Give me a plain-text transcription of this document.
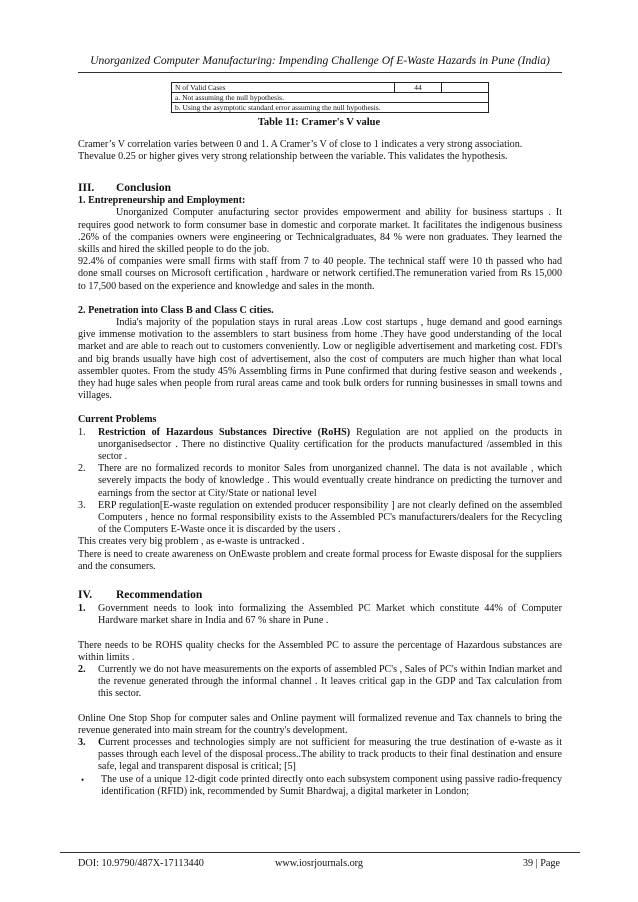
Unorganized Computer Manufacturing: Impending Challenge Of E-Waste Hazards in Pune (India)
N of Valid Cases	44	
a. Not assuming the null hypothesis.
b. Using the asymptotic standard error assuming the null hypothesis.
Table 11: Cramer's V value

Cramer’s V correlation varies between 0 and 1. A Cramer’s V of close to 1 indicates a very strong association.

Thevalue 0.25 or higher gives very strong relationship between the variable. This validates the hypothesis.

III. Conclusion

1. Entrepreneurship and Employment:

Unorganized Computer anufacturing sector provides empowerment and ability for business startups . It requires good network to form consumer base in domestic and corporate market. It facilitates the indigenous business .26% of the companies owners were engineering or Technicalgraduates, 84 % were non graduates. They learned the skills and hired the skilled people to do the job.

92.4% of companies were small firms with staff from 7 to 40 people. The technical staff were 10 th passed who had done small courses on Microsoft certification , hardware or network certified.The remuneration varied from Rs 15,000 to 17,500 based on the experience and knowledge and sales in the month.

2. Penetration into Class B and Class C cities.

India's majority of the population stays in rural areas .Low cost startups , huge demand and good earnings give immense motivation to the assemblers to start business from home .They have good understanding of the local market and are able to reach out to customers conveniently. Low or negligible advertisement and marketing cost. FDI's and big brands usually have high cost of advertisement, also the cost of computers are much higher than what local assembler quotes. From the study 45% Assembling firms in Pune confirmed that during festive season and weekends , they had huge sales when people from rural areas came and took bulk orders for running businesses in small towns and villages.

Current Problems

1.	Restriction of Hazardous Substances Directive (RoHS) Regulation are not applied on the products in unorganisedsector . There no distinctive Quality certification for the products manufactured /assembled in this sector .
2.	There are no formalized records to monitor Sales from unorganized channel. The data is not available , which severely impacts the body of knowledge . This would eventually create hindrance on predicting the turnover and earnings from the sector at City/State or national level
3.	ERP regulation[E-waste regulation on extended producer responsibility ] are not clearly defined on the assembled Computers , hence no formal responsibility exists to the Assembled PC's manufacturers/dealers for the Recycling of the Computers E-Waste once it is discarded by the users .

This creates very big problem , as e-waste is untracked .

There is need to create awareness on OnEwaste problem and create formal process for Ewaste disposal for the suppliers and the consumers.

IV. Recommendation

1.	Government needs to look into formalizing the Assembled PC Market which constitute 44% of Computer Hardware market share in India and 67 % share in Pune .

There needs to be ROHS quality checks for the Assembled PC to assure the percentage of Hazardous substances are within limits .

2.	Currently we do not have measurements on the exports of assembled PC's , Sales of PC's within Indian market and the revenue generated through the informal channel . It leaves critical gap in the GDP and Tax calculation from this sector.

Online One Stop Shop for computer sales and Online payment will formalized revenue and Tax channels to bring the revenue generated into main stream for the country's development.

3.	Current processes and technologies simply are not sufficient for measuring the true destination of e-waste as it passes through each level of the disposal process..The ability to track products to their final destination and ensure safe, legal and transparent disposal is critical; [5]
•	The use of a unique 12-digit code printed directly onto each subsystem component using passive radio-frequency identification (RFID) ink, recommended by Sumit Bhardwaj, a digital marketer in London;
DOI: 10.9790/487X-17113440	www.iosrjournals.org	39 | Page
